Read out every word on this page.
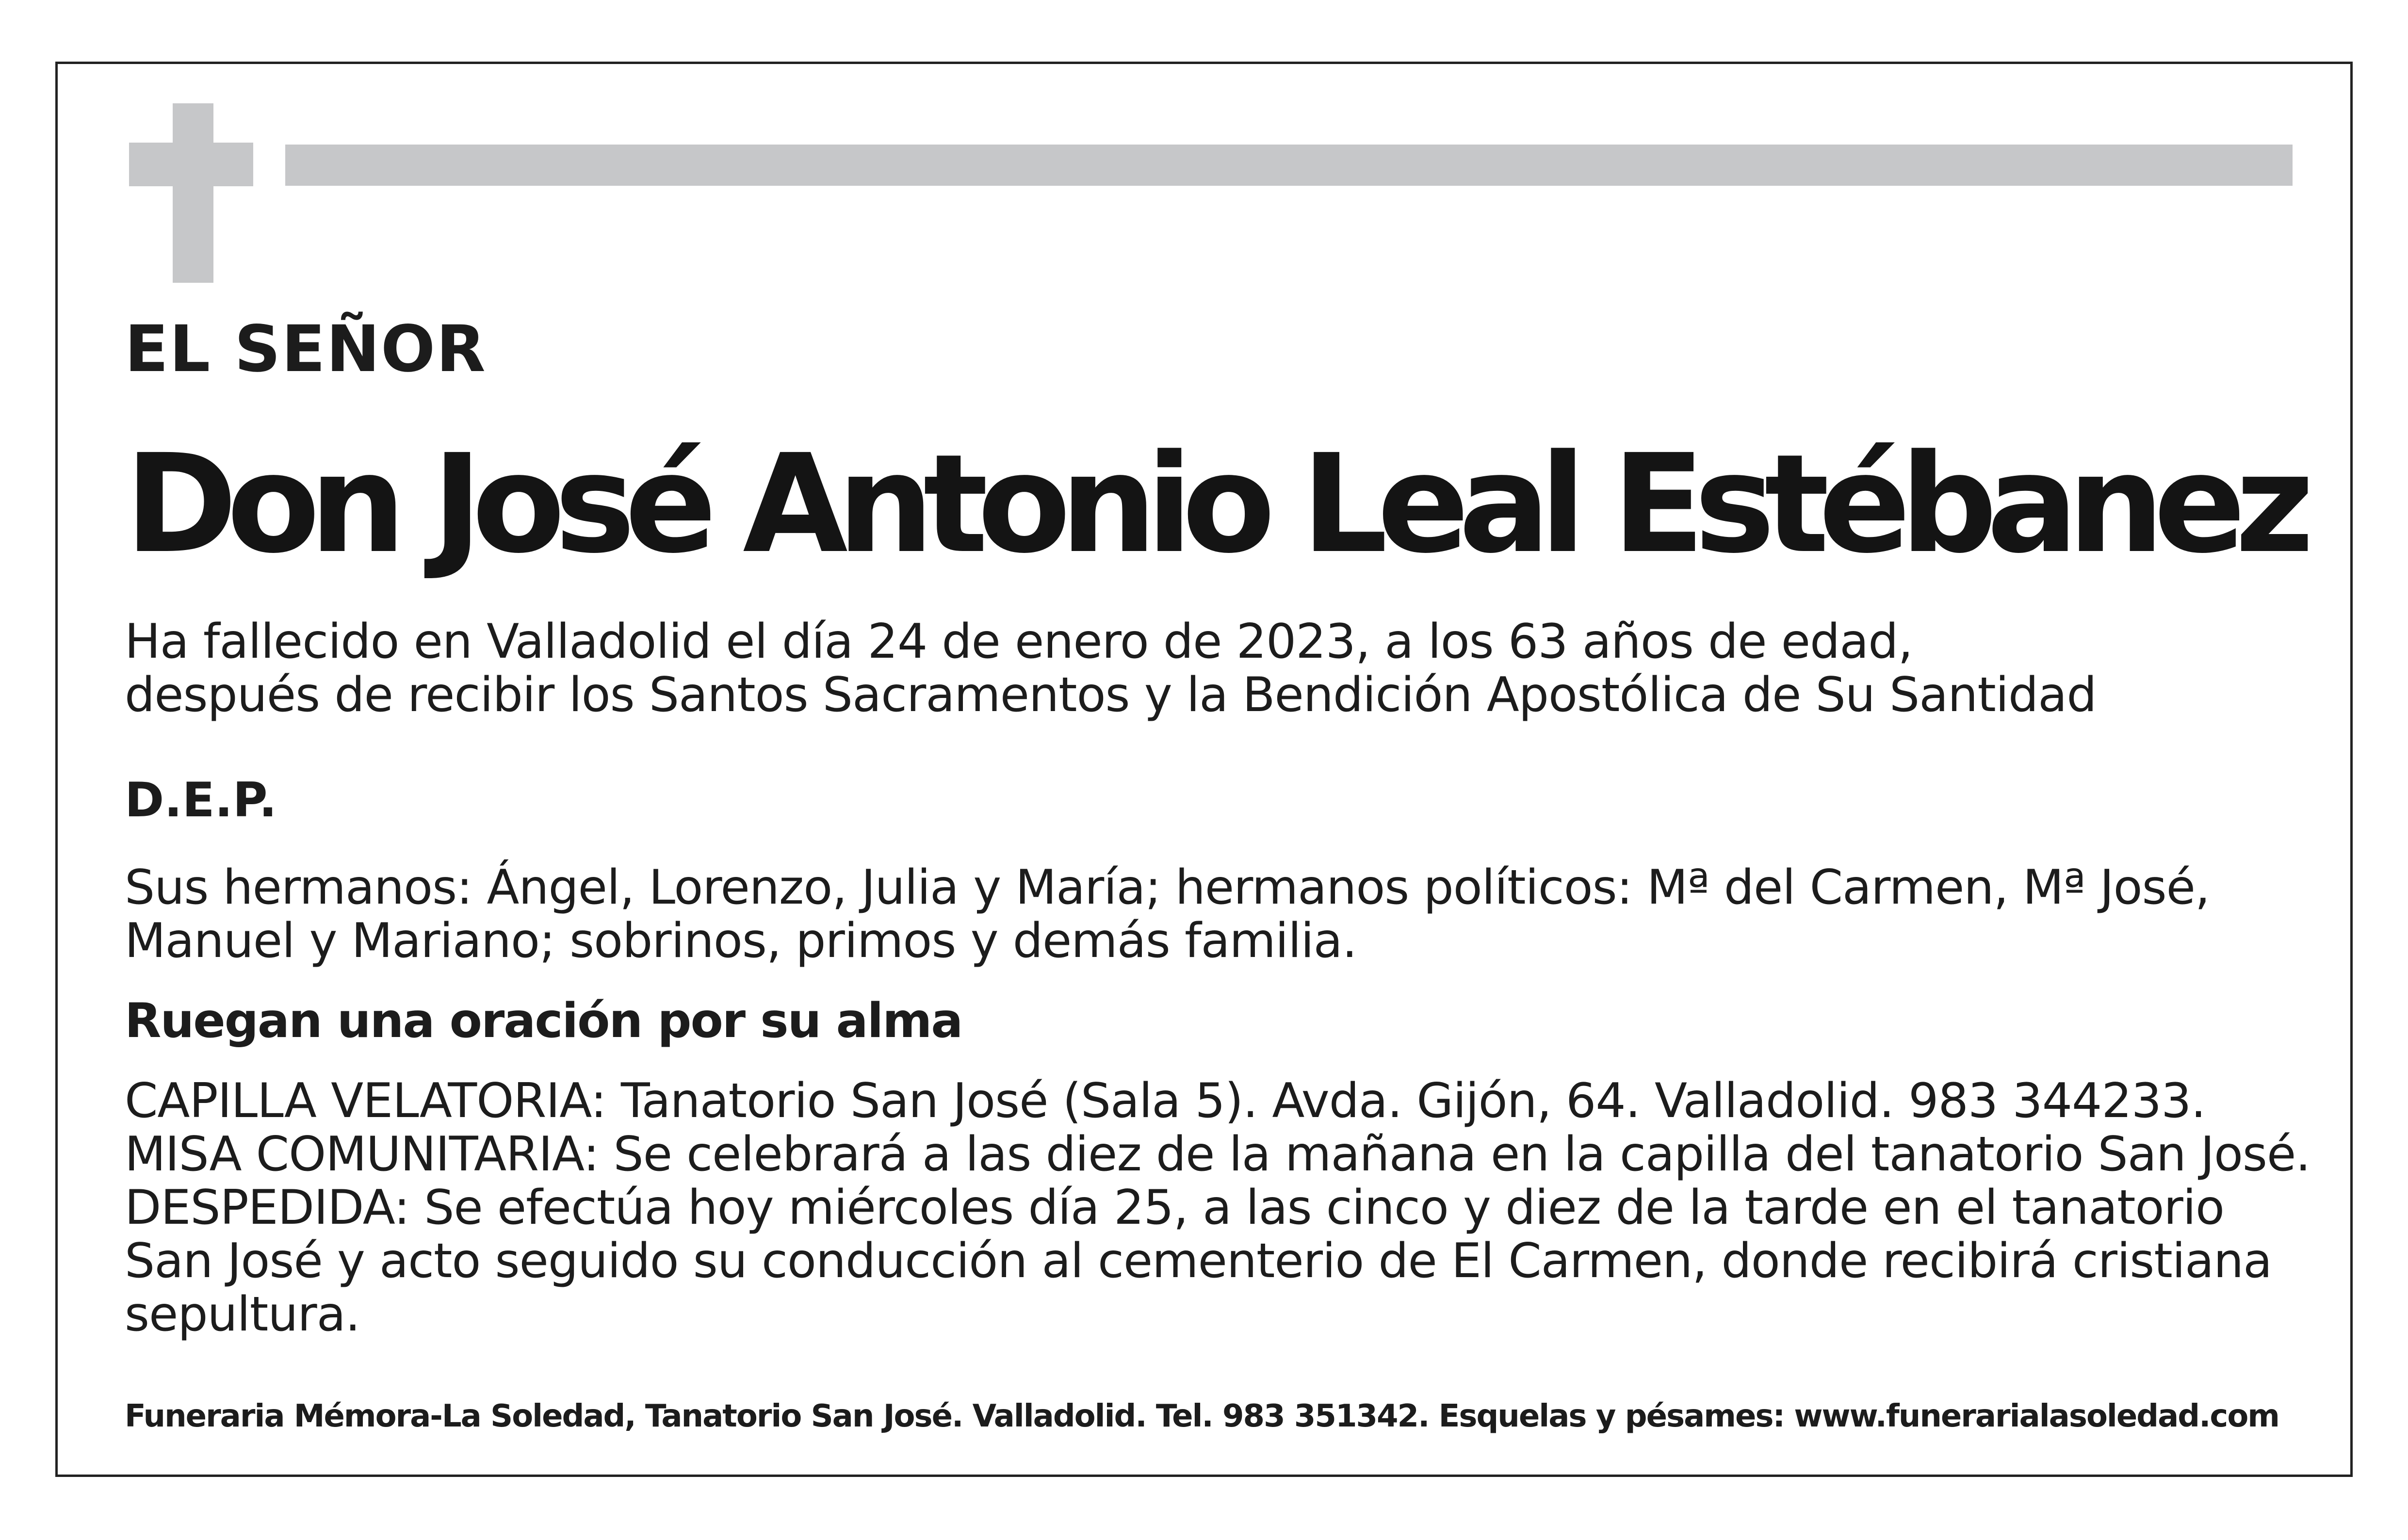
EL SEÑOR

Don José Antonio Leal Estébanez

Ha fallecido en Valladolid el día 24 de enero de 2023, a los 63 años de edad,
después de recibir los Santos Sacramentos y la Bendición Apostólica de Su Santidad

D.E.P.

Sus hermanos: Ángel, Lorenzo, Julia y María; hermanos políticos: Mª del Carmen, Mª José,
Manuel y Mariano; sobrinos, primos y demás familia.

Ruegan una oración por su alma

CAPILLA VELATORIA: Tanatorio San José (Sala 5). Avda. Gijón, 64. Valladolid. 983 344233.
MISA COMUNITARIA: Se celebrará a las diez de la mañana en la capilla del tanatorio San José.
DESPEDIDA: Se efectúa hoy miércoles día 25, a las cinco y diez de la tarde en el tanatorio
San José y acto seguido su conducción al cementerio de El Carmen, donde recibirá cristiana
sepultura.

Funeraria Mémora-La Soledad, Tanatorio San José. Valladolid. Tel. 983 351342. Esquelas y pésames: www.funerarialasoledad.com
